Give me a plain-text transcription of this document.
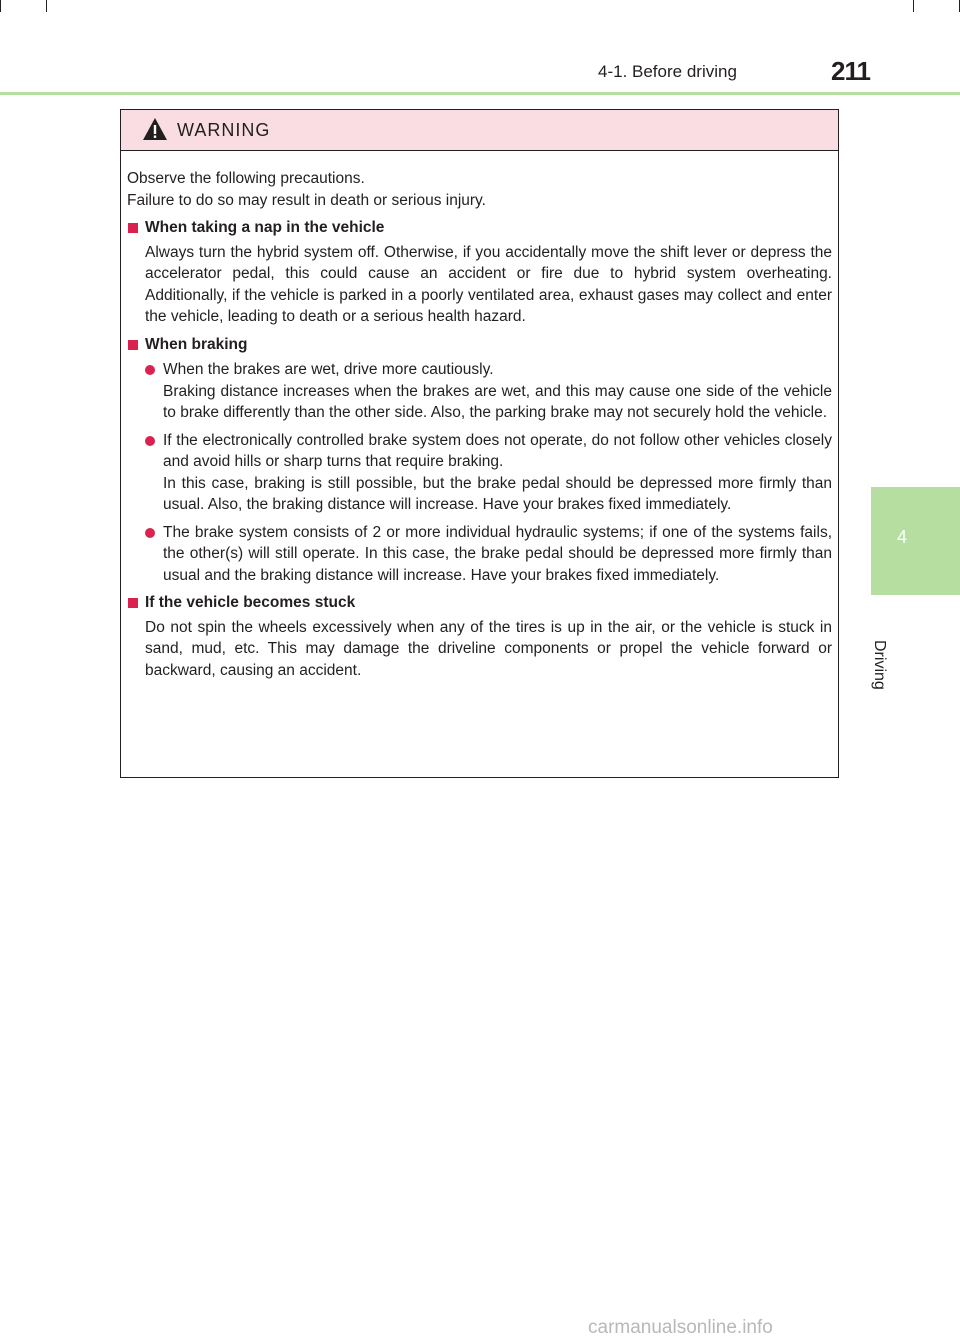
4-1. Before driving	211
4
Driving
WARNING

Observe the following precautions.

Failure to do so may result in death or serious injury.

When taking a nap in the vehicle

Always turn the hybrid system off. Otherwise, if you accidentally move the shift lever or depress the accelerator pedal, this could cause an accident or fire due to hybrid system overheating. Additionally, if the vehicle is parked in a poorly ventilated area, exhaust gases may collect and enter the vehicle, leading to death or a serious health hazard.

When braking

When the brakes are wet, drive more cautiously.

Braking distance increases when the brakes are wet, and this may cause one side of the vehicle to brake differently than the other side. Also, the parking brake may not securely hold the vehicle.

If the electronically controlled brake system does not operate, do not follow other vehicles closely and avoid hills or sharp turns that require braking.

In this case, braking is still possible, but the brake pedal should be depressed more firmly than usual. Also, the braking distance will increase. Have your brakes fixed immediately.

The brake system consists of 2 or more individual hydraulic systems; if one of the systems fails, the other(s) will still operate. In this case, the brake pedal should be depressed more firmly than usual and the braking distance will increase. Have your brakes fixed immediately.

If the vehicle becomes stuck

Do not spin the wheels excessively when any of the tires is up in the air, or the vehicle is stuck in sand, mud, etc. This may damage the driveline components or propel the vehicle forward or backward, causing an accident.

carmanualsonline.info
